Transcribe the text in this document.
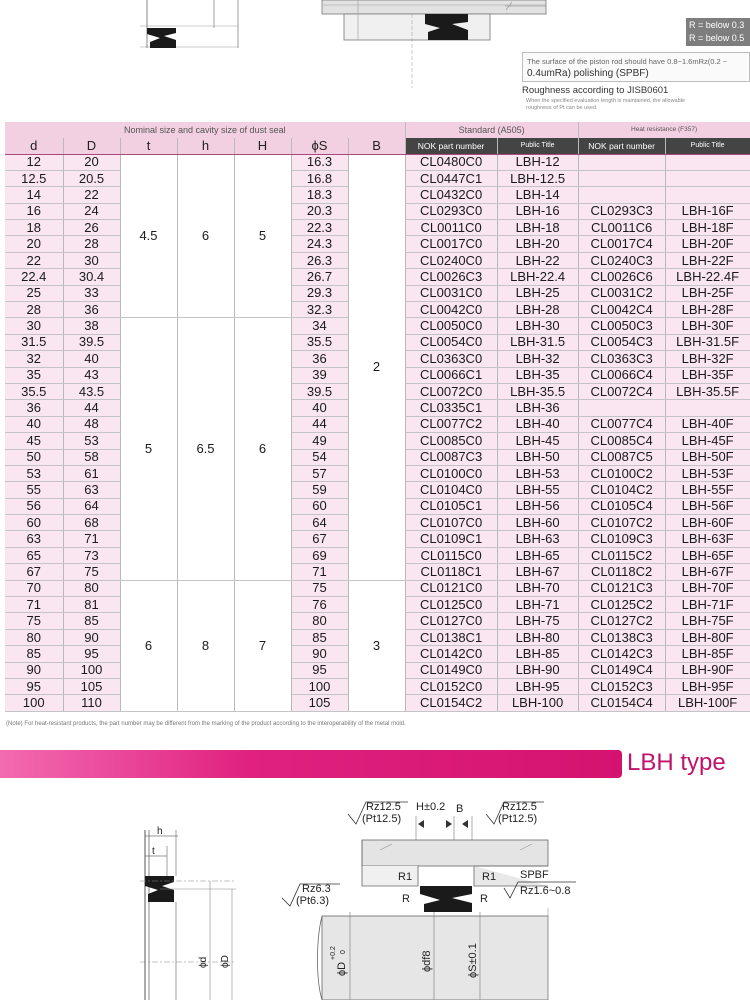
R = below 0.3
R = below 0.5
The surface of the piston rod should have 0.8~1.6mRz(0.2 ~
0.4umRa) polishing (SPBF)
Roughness according to JISB0601
When the specified evaluation length is maintained, the allowable
roughness of Pt can be used.
Nominal size and cavity size of dust seal							Standard (A505)		Heat resistance (F357)	
d	D	t	h	H	ϕS	B	NOK part number	Public Title	NOK part number	Public Title
12	20	4.5	6	5	16.3	2	CL0480C0	LBH-12		
12.5	20.5				16.8		CL0447C1	LBH-12.5		
14	22				18.3		CL0432C0	LBH-14		
16	24				20.3		CL0293C0	LBH-16	CL0293C3	LBH-16F
18	26				22.3		CL0011C0	LBH-18	CL0011C6	LBH-18F
20	28				24.3		CL0017C0	LBH-20	CL0017C4	LBH-20F
22	30				26.3		CL0240C0	LBH-22	CL0240C3	LBH-22F
22.4	30.4				26.7		CL0026C3	LBH-22.4	CL0026C6	LBH-22.4F
25	33				29.3		CL0031C0	LBH-25	CL0031C2	LBH-25F
28	36				32.3		CL0042C0	LBH-28	CL0042C4	LBH-28F
30	38	5	6.5	6	34		CL0050C0	LBH-30	CL0050C3	LBH-30F
31.5	39.5				35.5		CL0054C0	LBH-31.5	CL0054C3	LBH-31.5F
32	40				36		CL0363C0	LBH-32	CL0363C3	LBH-32F
35	43				39		CL0066C1	LBH-35	CL0066C4	LBH-35F
35.5	43.5				39.5		CL0072C0	LBH-35.5	CL0072C4	LBH-35.5F
36	44				40		CL0335C1	LBH-36		
40	48				44		CL0077C2	LBH-40	CL0077C4	LBH-40F
45	53				49		CL0085C0	LBH-45	CL0085C4	LBH-45F
50	58				54		CL0087C3	LBH-50	CL0087C5	LBH-50F
53	61				57		CL0100C0	LBH-53	CL0100C2	LBH-53F
55	63				59		CL0104C0	LBH-55	CL0104C2	LBH-55F
56	64				60		CL0105C1	LBH-56	CL0105C4	LBH-56F
60	68				64		CL0107C0	LBH-60	CL0107C2	LBH-60F
63	71				67		CL0109C1	LBH-63	CL0109C3	LBH-63F
65	73				69		CL0115C0	LBH-65	CL0115C2	LBH-65F
67	75				71		CL0118C1	LBH-67	CL0118C2	LBH-67F
70	80	6	8	7	75	3	CL0121C0	LBH-70	CL0121C3	LBH-70F
71	81				76		CL0125C0	LBH-71	CL0125C2	LBH-71F
75	85				80		CL0127C0	LBH-75	CL0127C2	LBH-75F
80	90				85		CL0138C1	LBH-80	CL0138C3	LBH-80F
85	95				90		CL0142C0	LBH-85	CL0142C3	LBH-85F
90	100				95		CL0149C0	LBH-90	CL0149C4	LBH-90F
95	105				100		CL0152C0	LBH-95	CL0152C3	LBH-95F
100	110				105		CL0154C2	LBH-100	CL0154C4	LBH-100F
(Note) For heat-resistant products, the part number may be different from the marking of the product according to the interoperability of the metal mold.
LBH type
h
t
ϕd ϕD
Rz12.5
(Pt12.5)
Rz12.5
(Pt12.5)
H±0.2 B
R1	R1
R	R
Rz6.3
(Pt6.3)
SPBF
Rz1.6~0.8
ϕD
+0.2 0	ϕdf8	ϕS±0.1
